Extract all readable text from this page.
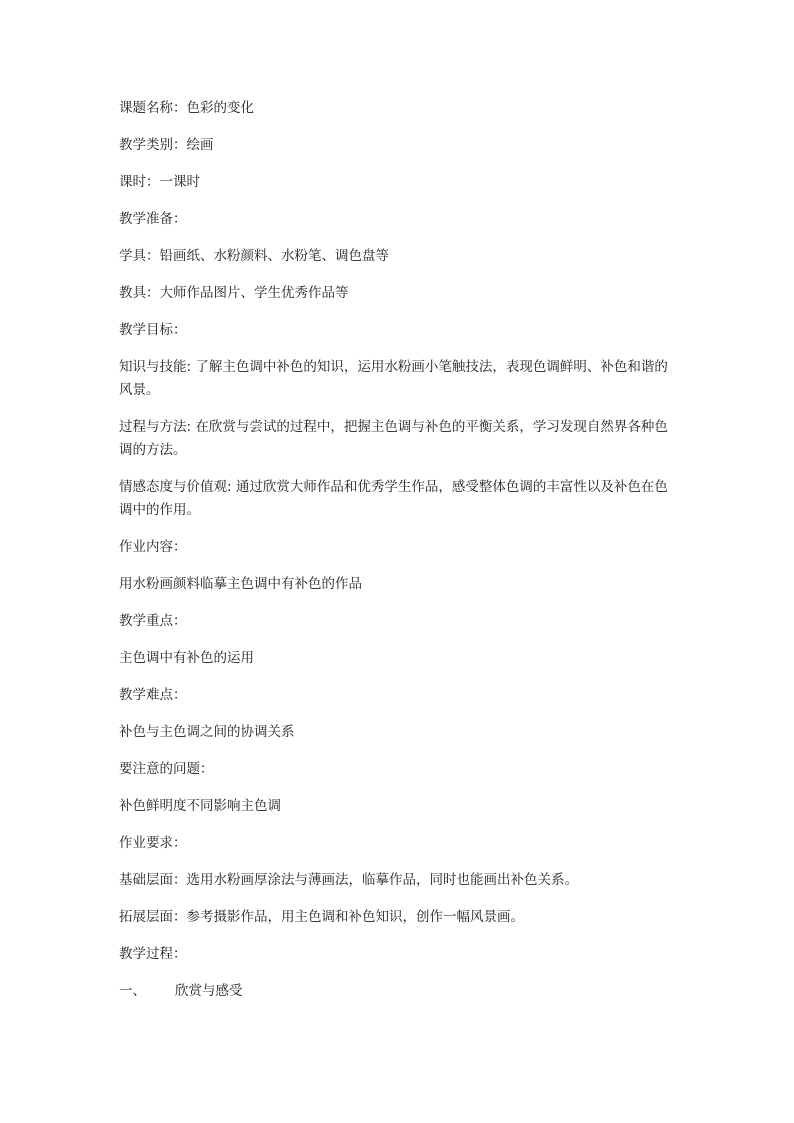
课题名称：色彩的变化

教学类别：绘画

课时：一课时

教学准备：

学具：铅画纸、水粉颜料、水粉笔、调色盘等

教具：大师作品图片、学生优秀作品等

教学目标：

知识与技能: 了解主色调中补色的知识，运用水粉画小笔触技法，表现色调鲜明、补色和谐的风景。

过程与方法: 在欣赏与尝试的过程中，把握主色调与补色的平衡关系，学习发现自然界各种色调的方法。

情感态度与价值观: 通过欣赏大师作品和优秀学生作品，感受整体色调的丰富性以及补色在色调中的作用。

作业内容：

用水粉画颜料临摹主色调中有补色的作品

教学重点：

主色调中有补色的运用

教学难点：

补色与主色调之间的协调关系

要注意的问题：

补色鲜明度不同影响主色调

作业要求：

基础层面：选用水粉画厚涂法与薄画法，临摹作品，同时也能画出补色关系。

拓展层面：参考摄影作品，用主色调和补色知识，创作一幅风景画。

教学过程：

一、	欣赏与感受
